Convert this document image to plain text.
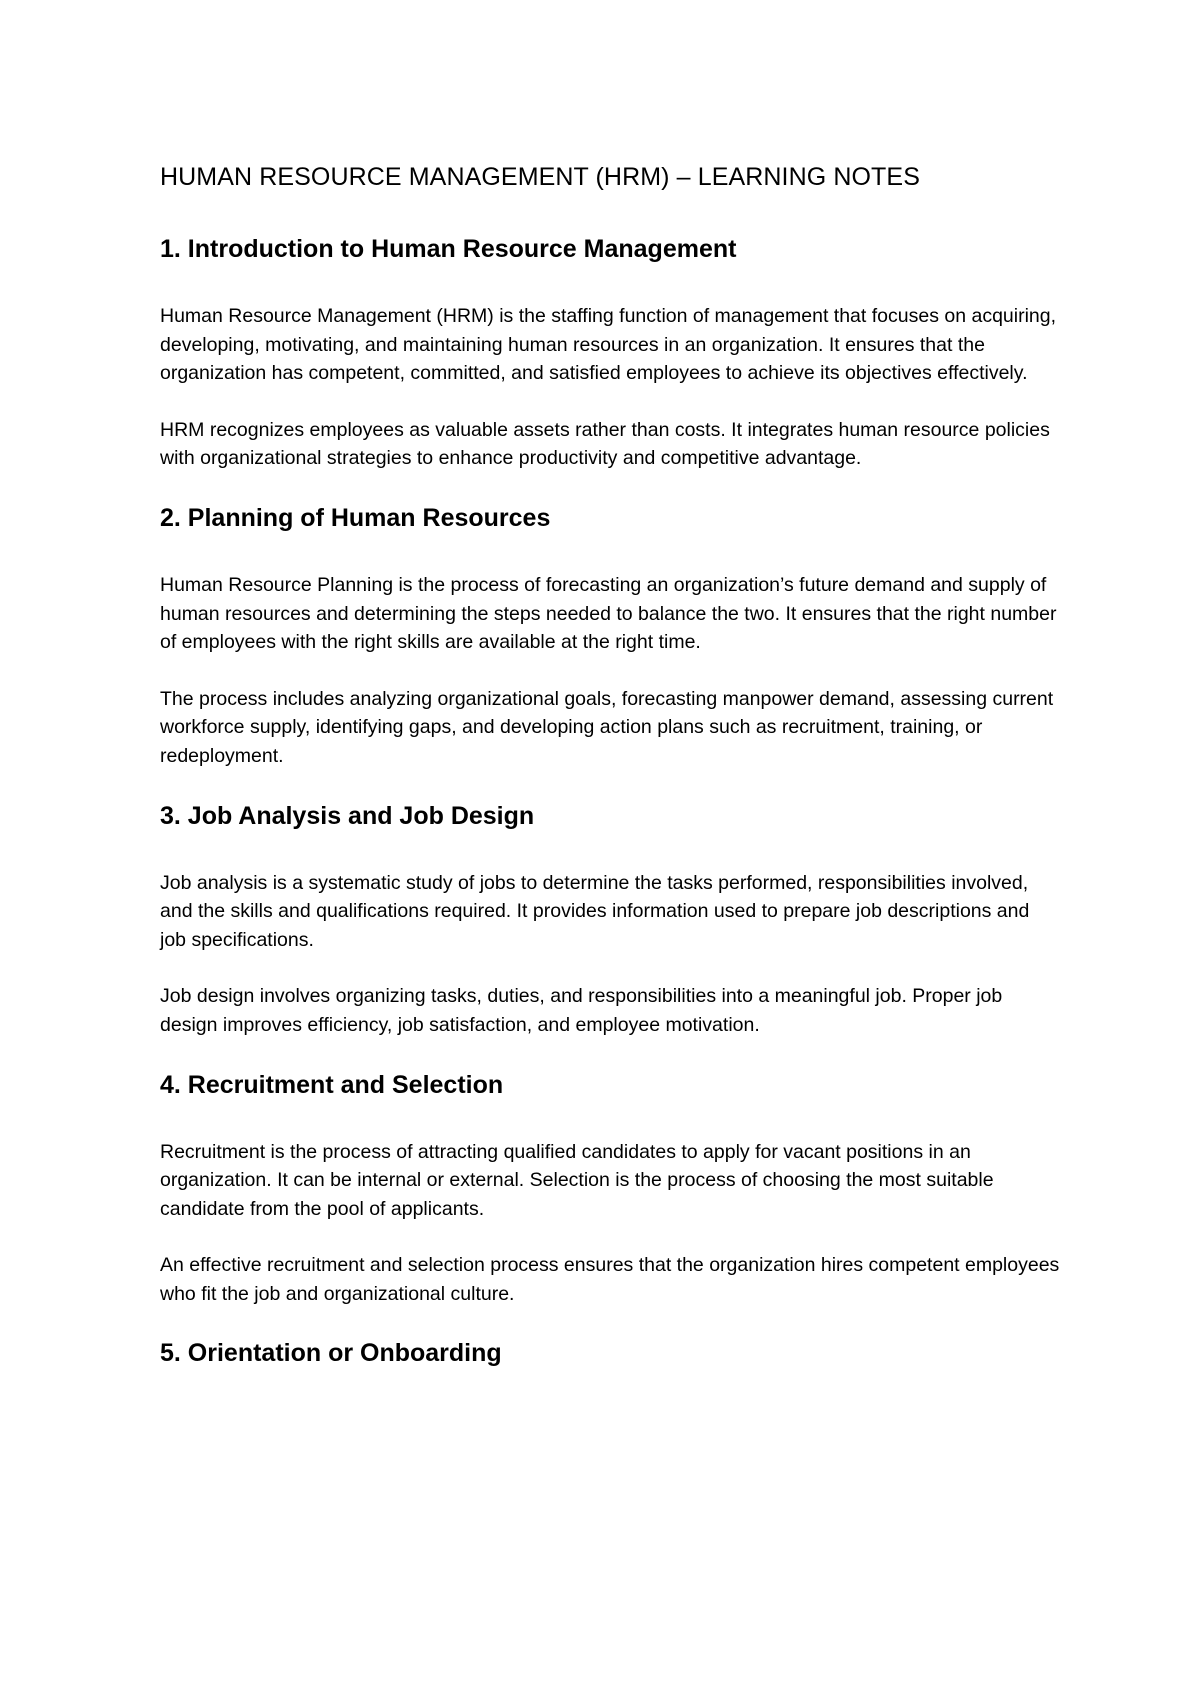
HUMAN RESOURCE MANAGEMENT (HRM) – LEARNING NOTES
1. Introduction to Human Resource Management

Human Resource Management (HRM) is the staffing function of management that focuses on acquiring, developing, motivating, and maintaining human resources in an organization. It ensures that the organization has competent, committed, and satisfied employees to achieve its objectives effectively.

HRM recognizes employees as valuable assets rather than costs. It integrates human resource policies with organizational strategies to enhance productivity and competitive advantage.

2. Planning of Human Resources

Human Resource Planning is the process of forecasting an organization’s future demand and supply of human resources and determining the steps needed to balance the two. It ensures that the right number of employees with the right skills are available at the right time.

The process includes analyzing organizational goals, forecasting manpower demand, assessing current workforce supply, identifying gaps, and developing action plans such as recruitment, training, or redeployment.

3. Job Analysis and Job Design

Job analysis is a systematic study of jobs to determine the tasks performed, responsibilities involved, and the skills and qualifications required. It provides information used to prepare job descriptions and job specifications.

Job design involves organizing tasks, duties, and responsibilities into a meaningful job. Proper job design improves efficiency, job satisfaction, and employee motivation.

4. Recruitment and Selection

Recruitment is the process of attracting qualified candidates to apply for vacant positions in an organization. It can be internal or external. Selection is the process of choosing the most suitable candidate from the pool of applicants.

An effective recruitment and selection process ensures that the organization hires competent employees who fit the job and organizational culture.

5. Orientation or Onboarding
